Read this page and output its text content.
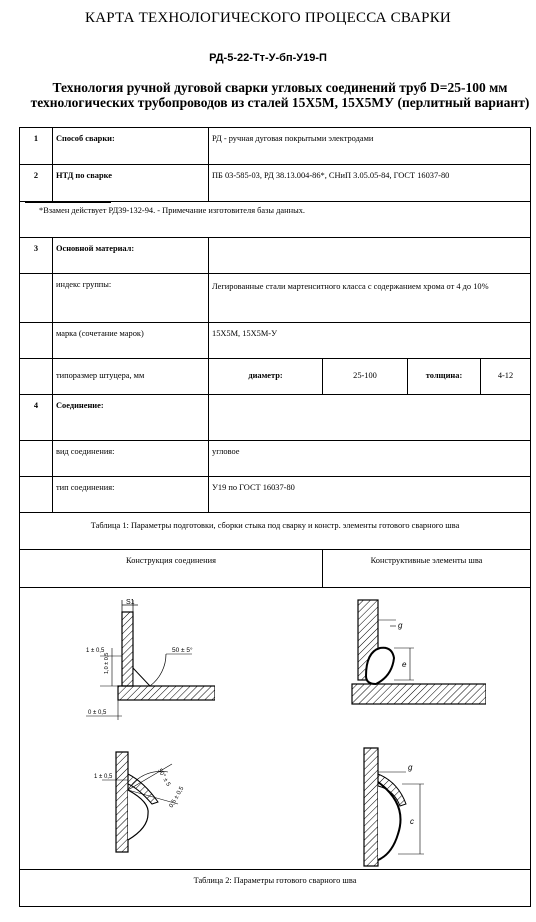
КАРТА ТЕХНОЛОГИЧЕСКОГО ПРОЦЕССА СВАРКИ
РД-5-22-Тт-У-бп-У19-П
Технология ручной дуговой сварки угловых соединений труб D=25-100 мм
технологических трубопроводов из сталей 15Х5М, 15Х5МУ (перлитный вариант)
1	Способ сварки:	РД - ручная дуговая покрытыми электродами			
2	НТД по сварке	ПБ 03-585-03, РД 38.13.004-86*, СНиП 3.05.05-84, ГОСТ 16037-80			

*Взамен действует РД39-132-94. - Примечание изготовителя базы данных.					
3	Основной материал:				
	индекс группы:	Легированные стали мартенситного класса с содержанием хрома от 4 до 10%			
	марка (сочетание марок)	15Х5М, 15Х5М-У			
	типоразмер штуцера, мм	диаметр:	25-100	толщина:	4-12
4	Соединение:				
	вид соединения:	угловое			
	тип соединения:	У19 по ГОСТ 16037-80			
Таблица 1: Параметры подготовки, сборки стыка под сварку и констр. элементы готового сварного шва					
Конструкция соединения			Конструктивные элементы шва		

Таблица 2: Параметры готового сварного шва					
S1
1 ± 0,5
1,0 ± 0,5
50 ± 5°
0 ± 0,5
1 ± 0,5	50° ± 5
0,5 ± 0,5
g
e
g
c
